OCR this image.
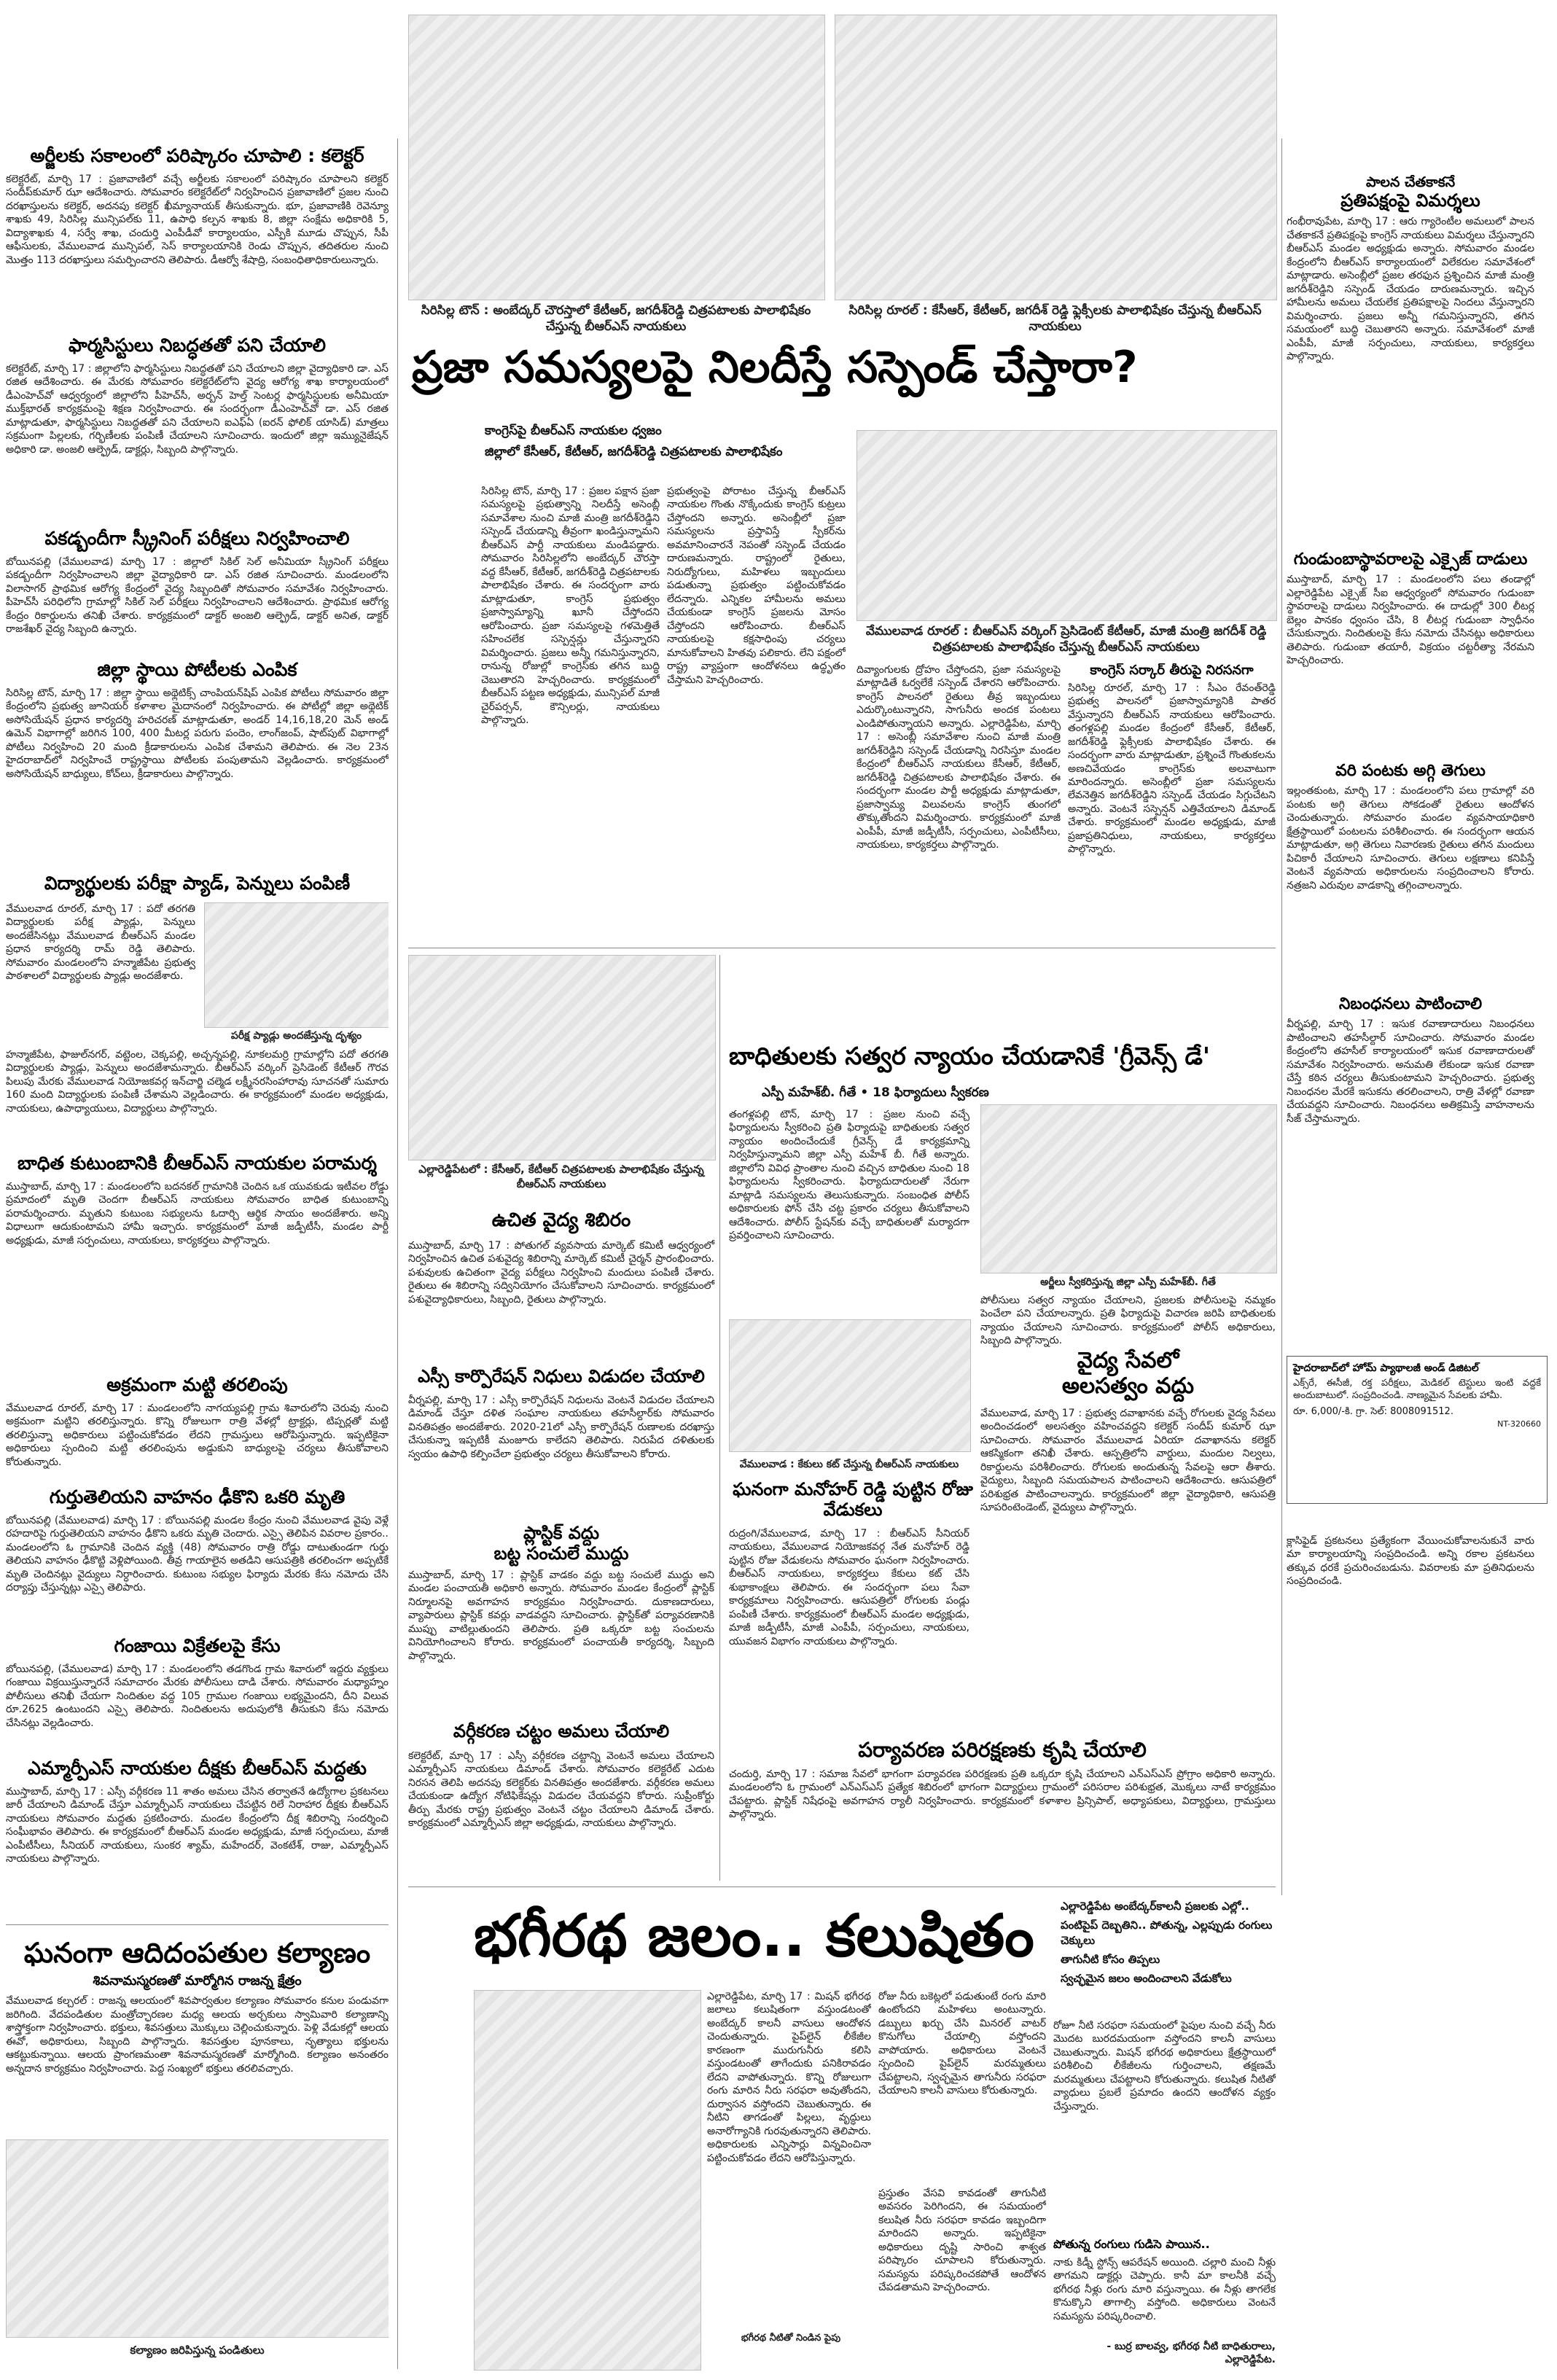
అర్జీలకు సకాలంలో పరిష్కారం చూపాలి : కలెక్టర్
కలెక్టరేట్‌, మార్చి 17 : ప్రజావాణిలో వచ్చే అర్జీలకు సకాలంలో పరిష్కారం చూపాలని కలెక్టర్‌ సందీప్‌కుమార్‌ ఝా ఆదేశించారు. సోమవారం కలెక్టరేట్‌లో నిర్వహించిన ప్రజావాణిలో ప్రజల నుంచి దరఖాస్తులను కలెక్టర్‌, అదనపు కలెక్టర్‌ ఖీమ్యానాయక్‌ తీసుకున్నారు. భూ, ప్రజావాణికి రెవెన్యూ శాఖకు 49, సిరిసిల్ల మున్సిపల్‌కు 11, ఉపాధి కల్పన శాఖకు 8, జిల్లా సంక్షేమ అధికారికి 5, విద్యాశాఖకు 4, సర్వే శాఖ, చందుర్తి ఎంపీడీవో కార్యాలయం, ఎస్పీకి మూడు చొప్పున, సీపీ ఆఫీసులకు, వేములవాడ మున్సిపల్‌, సెస్‌ కార్యాలయానికి రెండు చొప్పున, తదితరుల నుంచి మొత్తం 113 దరఖాస్తులు సమర్పించారని తెలిపారు. డీఆర్వో శేషాద్రి, సంబంధితాధికారులున్నారు.
ఫార్మసిస్టులు నిబద్ధతతో పని చేయాలి
కలెక్టరేట్‌, మార్చి 17 : జిల్లాలోని ఫార్మసిస్టులు నిబద్ధతతో పని చేయాలని జిల్లా వైద్యాధికారి డా. ఎస్‌ రజిత ఆదేశించారు. ఈ మేరకు సోమవారం కలెక్టరేట్‌లోని వైద్య ఆరోగ్య శాఖ కార్యాలయంలో డీఎంహెచ్‌వో ఆధ్వర్యంలో జిల్లాలోని పీహెచ్‌సీ, అర్బన్‌ హెల్త్‌ సెంటర్ల ఫార్మసిస్టులకు అనీమియా ముక్త్‌భారత్‌ కార్యక్రమంపై శిక్షణ నిర్వహించారు. ఈ సందర్భంగా డీఎంహెచ్‌వో డా. ఎస్‌ రజిత మాట్లాడుతూ, ఫార్మసిస్టులు నిబద్ధతతో పని చేయాలని ఐఎఫ్‌ఏ (ఐరన్‌ ఫోలిక్‌ యాసిడ్‌) మాత్రలు సక్రమంగా పిల్లలకు, గర్భిణీలకు పంపిణీ చేయాలని సూచించారు. ఇందులో జిల్లా ఇమ్యునైజేషన్‌ అధికారి డా. అంజలి ఆల్ఫ్రెడ్‌, డాక్టర్లు, సిబ్బంది పాల్గొన్నారు.
పకడ్బందీగా స్క్రీనింగ్‌ పరీక్షలు నిర్వహించాలి
బోయినపల్లి (వేములవాడ) మార్చి 17 : జిల్లాలో సికిల్‌ సెల్‌ అనీమియా స్క్రీనింగ్‌ పరీక్షలు పకడ్బందీగా నిర్వహించాలని జిల్లా వైద్యాధికారి డా. ఎస్‌ రజిత సూచించారు. మండలంలోని విలాసాగర్‌ ప్రాథమిక ఆరోగ్య కేంద్రంలో వైద్య సిబ్బందితో సోమవారం సమావేశం నిర్వహించారు. పీహెచ్‌సీ పరిధిలోని గ్రామాల్లో సికిల్‌ సెల్‌ పరీక్షలు నిర్వహించాలని ఆదేశించారు. ప్రాథమిక ఆరోగ్య కేంద్రం రికార్డులను తనిఖీ చేశారు. కార్యక్రమంలో డాక్టర్‌ అంజలి ఆల్ఫ్రెడ్‌, డాక్టర్‌ అనిత, డాక్టర్‌ రాజశేఖర్‌ వైద్య సిబ్బంది ఉన్నారు.
జిల్లా స్థాయి పోటీలకు ఎంపిక
సిరిసిల్ల టౌన్‌, మార్చి 17 : జిల్లా స్థాయి అథ్లెటిక్స్‌ చాంపియన్‌షిప్‌ ఎంపిక పోటీలు సోమవారం జిల్లా కేంద్రంలోని ప్రభుత్వ జూనియర్‌ కళాశాల మైదానంలో నిర్వహించారు. ఈ పోటీల్లో జిల్లా అథ్లెటిక్‌ అసోసియేషన్‌ ప్రధాన కార్యదర్శి హరిచరణ్‌ మాట్లాడుతూ, అండర్‌ 14,16,18,20 మెన్‌ అండ్‌ ఉమెన్‌ విభాగాల్లో జరిగిన 100, 400 మీటర్ల పరుగు పందెం, లాంగ్‌జంప్‌, షాట్‌పుట్‌ విభాగాల్లో పోటీలు నిర్వహించి 20 మంది క్రీడాకారులను ఎంపిక చేశామని తెలిపారు. ఈ నెల 23న హైదరాబాద్‌లో నిర్వహించే రాష్ట్రస్థాయి పోటీలకు పంపుతామని వెల్లడించారు. కార్యక్రమంలో అసోసియేషన్‌ బాధ్యులు, కోచ్‌లు, క్రీడాకారులు పాల్గొన్నారు.
విద్యార్థులకు పరీక్షా ప్యాడ్‌, పెన్నులు పంపిణీ
వేములవాడ రూరల్‌, మార్చి 17 : పదో తరగతి విద్యార్థులకు పరీక్ష ప్యాడ్లు, పెన్నులు అందజేసినట్లు వేములవాడ బీఆర్‌ఎస్‌ మండల ప్రధాన కార్యదర్శి రామ్‌ రెడ్డి తెలిపారు. సోమవారం మండలంలోని హన్మాజీపేట ప్రభుత్వ పాఠశాలలో విద్యార్థులకు ప్యాడ్లు అందజేశారు.
పరీక్ష ప్యాడ్లు అందజేస్తున్న దృశ్యం
హన్మాజీపేట, ఫాజుల్‌నగర్‌, వట్టెంల, చెక్కపల్లి, అచ్చన్నపల్లి, నూకలమర్రి గ్రామాల్లోని పదో తరగతి విద్యార్థులకు ప్యాడ్లు, పెన్నులు అందజేశామన్నారు. బీఆర్‌ఎస్‌ వర్కింగ్‌ ప్రెసిడెంట్‌ కేటీఆర్‌ గౌరవ పిలుపు మేరకు వేములవాడ నియోజకవర్గ ఇన్‌చార్జి చల్మెడ లక్ష్మీనరసింహారావు సూచనతో సుమారు 160 మంది విద్యార్థులకు పంపిణీ చేశామని వెల్లడించారు. ఈ కార్యక్రమంలో మండల అధ్యక్షుడు, నాయకులు, ఉపాధ్యాయులు, విద్యార్థులు పాల్గొన్నారు.
బాధిత కుటుంబానికి బీఆర్‌ఎస్‌ నాయకుల పరామర్శ
ముస్తాబాద్‌, మార్చి 17 : మండలంలోని బదనకల్‌ గ్రామానికి చెందిన ఒక యువకుడు ఇటీవల రోడ్డు ప్రమాదంలో మృతి చెందగా బీఆర్‌ఎస్‌ నాయకులు సోమవారం బాధిత కుటుంబాన్ని పరామర్శించారు. మృతుని కుటుంబ సభ్యులను ఓదార్చి ఆర్థిక సాయం అందజేశారు. అన్ని విధాలుగా ఆదుకుంటామని హామీ ఇచ్చారు. కార్యక్రమంలో మాజీ జడ్పీటీసీ, మండల పార్టీ అధ్యక్షుడు, మాజీ సర్పంచులు, నాయకులు, కార్యకర్తలు పాల్గొన్నారు.
అక్రమంగా మట్టి తరలింపు
వేములవాడ రూరల్‌, మార్చి 17 : మండలంలోని నాగయ్యపల్లి గ్రామ శివారులోని చెరువు నుంచి అక్రమంగా మట్టిని తరలిస్తున్నారు. కొన్ని రోజులుగా రాత్రి వేళల్లో ట్రాక్టర్లు, టిప్పర్లతో మట్టి తరలిస్తున్నా అధికారులు పట్టించుకోవడం లేదని గ్రామస్తులు ఆరోపిస్తున్నారు. ఇప్పటికైనా అధికారులు స్పందించి మట్టి తరలింపును అడ్డుకుని బాధ్యులపై చర్యలు తీసుకోవాలని కోరుతున్నారు.
గుర్తుతెలియని వాహనం ఢీకొని ఒకరి మృతి
బోయినపల్లి (వేములవాడ) మార్చి 17 : బోయినపల్లి మండల కేంద్రం నుంచి వేములవాడ వైపు వెళ్లే రహదారిపై గుర్తుతెలియని వాహనం ఢీకొని ఒకరు మృతి చెందారు. ఎస్సై తెలిపిన వివరాల ప్రకారం.. మండలంలోని ఓ గ్రామానికి చెందిన వ్యక్తి (48) సోమవారం రాత్రి రోడ్డు దాటుతుండగా గుర్తు తెలియని వాహనం ఢీకొట్టి వెళ్లిపోయింది. తీవ్ర గాయాలైన అతడిని ఆసుపత్రికి తరలించగా అప్పటికే మృతి చెందినట్లు వైద్యులు నిర్ధారించారు. కుటుంబ సభ్యుల ఫిర్యాదు మేరకు కేసు నమోదు చేసి దర్యాప్తు చేస్తున్నట్లు ఎస్సై తెలిపారు.
గంజాయి విక్రేతలపై కేసు
బోయినపల్లి, (వేములవాడ) మార్చి 17 : మండలంలోని తడగొండ గ్రామ శివారులో ఇద్దరు వ్యక్తులు గంజాయి విక్రయిస్తున్నారనే సమాచారం మేరకు పోలీసులు దాడి చేశారు. సోమవారం మధ్యాహ్నం పోలీసులు తనిఖీ చేయగా నిందితుల వద్ద 105 గ్రాముల గంజాయి లభ్యమైందని, దీని విలువ రూ.2625 ఉంటుందని ఎస్సై తెలిపారు. నిందితులను అదుపులోకి తీసుకుని కేసు నమోదు చేసినట్లు వెల్లడించారు.
ఎమ్మార్పీఎస్‌ నాయకుల దీక్షకు బీఆర్‌ఎస్‌ మద్దతు
ముస్తాబాద్‌, మార్చి 17 : ఎస్సీ వర్గీకరణ 11 శాతం అమలు చేసిన తర్వాతనే ఉద్యోగాల ప్రకటనలు జారీ చేయాలని డిమాండ్‌ చేస్తూ ఎమ్మార్పీఎస్‌ నాయకులు చేపట్టిన రిలే నిరాహార దీక్షకు బీఆర్‌ఎస్‌ నాయకులు సోమవారం మద్దతు ప్రకటించారు. మండల కేంద్రంలోని దీక్ష శిబిరాన్ని సందర్శించి సంఘీభావం తెలిపారు. ఈ కార్యక్రమంలో బీఆర్‌ఎస్‌ మండల అధ్యక్షుడు, మాజీ సర్పంచులు, మాజీ ఎంపీటీసీలు, సీనియర్‌ నాయకులు, సుంకర శ్యామ్‌, మహేందర్‌, వెంకటేశ్‌, రాజు, ఎమ్మార్పీఎస్‌ నాయకులు పాల్గొన్నారు.
ఘనంగా ఆదిదంపతుల కల్యాణం
శివనామస్మరణతో మార్మోగిన రాజన్న క్షేత్రం
వేములవాడ కల్చరల్‌ : రాజన్న ఆలయంలో శివపార్వతుల కల్యాణం సోమవారం కనుల పండువగా జరిగింది. వేదపండితుల మంత్రోచ్ఛారణల మధ్య ఆలయ అర్చకులు స్వామివారి కల్యాణాన్ని శాస్త్రోక్తంగా నిర్వహించారు. భక్తులు, శివసత్తులు మొక్కులు చెల్లించుకున్నారు. పెళ్లి వేడుకల్లో ఆలయ ఈవో, అధికారులు, సిబ్బంది పాల్గొన్నారు. శివసత్తుల పూనకాలు, నృత్యాలు భక్తులను ఆకట్టుకున్నాయి. ఆలయ ప్రాంగణమంతా శివనామస్మరణతో మార్మోగింది. కల్యాణం అనంతరం అన్నదాన కార్యక్రమం నిర్వహించారు. పెద్ద సంఖ్యలో భక్తులు తరలివచ్చారు.
కల్యాణం జరిపిస్తున్న పండితులు
సిరిసిల్ల టౌన్‌ : అంబేద్కర్‌ చౌరస్తాలో కేటీఆర్‌, జగదీశ్‌రెడ్డి చిత్రపటాలకు పాలాభిషేకం చేస్తున్న బీఆర్‌ఎస్‌ నాయకులు
సిరిసిల్ల రూరల్‌ : కేసీఆర్‌, కేటీఆర్‌, జగదీశ్‌ రెడ్డి ఫ్లెక్సీలకు పాలాభిషేకం చేస్తున్న బీఆర్‌ఎస్‌ నాయకులు
ప్రజా సమస్యలపై నిలదీస్తే సస్పెండ్‌ చేస్తారా?
కాంగ్రెస్‌పై బీఆర్‌ఎస్‌ నాయకుల ధ్వజం
జిల్లాలో కేసీఆర్‌, కేటీఆర్‌, జగదీశ్‌రెడ్డి చిత్రపటాలకు పాలాభిషేకం
సిరిసిల్ల టౌన్‌, మార్చి 17 : ప్రజల పక్షాన ప్రజా సమస్యలపై ప్రభుత్వాన్ని నిలదీస్తే అసెంబ్లీ సమావేశాల నుంచి మాజీ మంత్రి జగదీశ్‌రెడ్డిని సస్పెండ్‌ చేయడాన్ని తీవ్రంగా ఖండిస్తున్నామని బీఆర్‌ఎస్‌ పార్టీ నాయకులు మండిపడ్డారు. సోమవారం సిరిసిల్లలోని అంబేద్కర్‌ చౌరస్తా వద్ద కేసీఆర్‌, కేటీఆర్‌, జగదీశ్‌రెడ్డి చిత్రపటాలకు పాలాభిషేకం చేశారు. ఈ సందర్భంగా వారు మాట్లాడుతూ, కాంగ్రెస్‌ ప్రభుత్వం ప్రజాస్వామ్యాన్ని ఖూనీ చేస్తోందని ఆరోపించారు. ప్రజా సమస్యలపై గళమెత్తితే సహించలేక సస్పెన్షన్లు చేస్తున్నారని విమర్శించారు. ప్రజలు అన్నీ గమనిస్తున్నారని, రానున్న రోజుల్లో కాంగ్రెస్‌కు తగిన బుద్ధి చెబుతారని హెచ్చరించారు. కార్యక్రమంలో బీఆర్‌ఎస్‌ పట్టణ అధ్యక్షుడు, మున్సిపల్‌ మాజీ చైర్‌పర్సన్‌, కౌన్సిలర్లు, నాయకులు పాల్గొన్నారు.
ప్రభుత్వంపై పోరాటం చేస్తున్న బీఆర్‌ఎస్‌ నాయకుల గొంతు నొక్కేందుకు కాంగ్రెస్‌ కుట్రలు చేస్తోందని అన్నారు. అసెంబ్లీలో ప్రజా సమస్యలను ప్రస్తావిస్తే స్పీకర్‌ను అవమానించారనే నెపంతో సస్పెండ్‌ చేయడం దారుణమన్నారు. రాష్ట్రంలో రైతులు, నిరుద్యోగులు, మహిళలు ఇబ్బందులు పడుతున్నా ప్రభుత్వం పట్టించుకోవడం లేదన్నారు. ఎన్నికల హామీలను అమలు చేయకుండా కాంగ్రెస్‌ ప్రజలను మోసం చేస్తోందని ఆరోపించారు. బీఆర్‌ఎస్‌ నాయకులపై కక్షసాధింపు చర్యలు మానుకోవాలని హితవు పలికారు. లేని పక్షంలో రాష్ట్ర వ్యాప్తంగా ఆందోళనలు ఉద్ధృతం చేస్తామని హెచ్చరించారు.
వేములవాడ రూరల్‌ : బీఆర్‌ఎస్‌ వర్కింగ్‌ ప్రెసిడెంట్‌ కేటీఆర్‌, మాజీ మంత్రి జగదీశ్‌ రెడ్డి చిత్రపటాలకు పాలాభిషేకం చేస్తున్న బీఆర్‌ఎస్‌ నాయకులు
దివ్యాంగులకు ద్రోహం చేస్తోందని, ప్రజా సమస్యలపై మాట్లాడితే ఓర్వలేకే సస్పెండ్‌ చేశారని ఆరోపించారు. కాంగ్రెస్‌ పాలనలో రైతులు తీవ్ర ఇబ్బందులు ఎదుర్కొంటున్నారని, సాగునీరు అందక పంటలు ఎండిపోతున్నాయని అన్నారు. ఎల్లారెడ్డిపేట, మార్చి 17 : అసెంబ్లీ సమావేశాల నుంచి మాజీ మంత్రి జగదీశ్‌రెడ్డిని సస్పెండ్‌ చేయడాన్ని నిరసిస్తూ మండల కేంద్రంలో బీఆర్‌ఎస్‌ నాయకులు కేసీఆర్‌, కేటీఆర్‌, జగదీశ్‌రెడ్డి చిత్రపటాలకు పాలాభిషేకం చేశారు. ఈ సందర్భంగా మండల పార్టీ అధ్యక్షుడు మాట్లాడుతూ, ప్రజాస్వామ్య విలువలను కాంగ్రెస్‌ తుంగలో తొక్కుతోందని విమర్శించారు. కార్యక్రమంలో మాజీ ఎంపీపీ, మాజీ జడ్పీటీసీ, సర్పంచులు, ఎంపీటీసీలు, నాయకులు, కార్యకర్తలు పాల్గొన్నారు.
కాంగ్రెస్‌ సర్కార్‌ తీరుపై నిరసనగా
సిరిసిల్ల రూరల్‌, మార్చి 17 : సీఎం రేవంత్‌రెడ్డి ప్రభుత్వ పాలనలో ప్రజాస్వామ్యానికి పాతర వేస్తున్నారని బీఆర్‌ఎస్‌ నాయకులు ఆరోపించారు. తంగళ్లపల్లి మండల కేంద్రంలో కేసీఆర్‌, కేటీఆర్‌, జగదీశ్‌రెడ్డి ఫ్లెక్సీలకు పాలాభిషేకం చేశారు. ఈ సందర్భంగా వారు మాట్లాడుతూ, ప్రశ్నించే గొంతుకలను అణచివేయడం కాంగ్రెస్‌కు అలవాటుగా మారిందన్నారు. అసెంబ్లీలో ప్రజా సమస్యలను లేవనెత్తిన జగదీశ్‌రెడ్డిని సస్పెండ్‌ చేయడం సిగ్గుచేటని అన్నారు. వెంటనే సస్పెన్షన్‌ ఎత్తివేయాలని డిమాండ్‌ చేశారు. కార్యక్రమంలో మండల అధ్యక్షుడు, మాజీ ప్రజాప్రతినిధులు, నాయకులు, కార్యకర్తలు పాల్గొన్నారు.
ఎల్లారెడ్డిపేటలో : కేసీఆర్‌, కేటీఆర్‌ చిత్రపటాలకు పాలాభిషేకం చేస్తున్న బీఆర్‌ఎస్‌ నాయకులు
ఉచిత వైద్య శిబిరం
ముస్తాబాద్‌, మార్చి 17 : పోతుగల్‌ వ్యవసాయ మార్కెట్‌ కమిటీ ఆధ్వర్యంలో నిర్వహించిన ఉచిత పశువైద్య శిబిరాన్ని మార్కెట్‌ కమిటీ చైర్మన్‌ ప్రారంభించారు. పశువులకు ఉచితంగా వైద్య పరీక్షలు నిర్వహించి మందులు పంపిణీ చేశారు. రైతులు ఈ శిబిరాన్ని సద్వినియోగం చేసుకోవాలని సూచించారు. కార్యక్రమంలో పశువైద్యాధికారులు, సిబ్బంది, రైతులు పాల్గొన్నారు.
ఎస్సీ కార్పొరేషన్‌ నిధులు విడుదల చేయాలి
వీర్నపల్లి, మార్చి 17 : ఎస్సీ కార్పొరేషన్‌ నిధులను వెంటనే విడుదల చేయాలని డిమాండ్‌ చేస్తూ దళిత సంఘాల నాయకులు తహసీల్దార్‌కు సోమవారం వినతిపత్రం అందజేశారు. 2020-21లో ఎస్సీ కార్పొరేషన్‌ రుణాలకు దరఖాస్తు చేసుకున్నా ఇప్పటికీ మంజూరు కాలేదని తెలిపారు. నిరుపేద దళితులకు స్వయం ఉపాధి కల్పించేలా ప్రభుత్వం చర్యలు తీసుకోవాలని కోరారు.
ప్లాస్టిక్‌ వద్దు
బట్ట సంచులే ముద్దు
ముస్తాబాద్‌, మార్చి 17 : ప్లాస్టిక్‌ వాడకం వద్దు బట్ట సంచులే ముద్దు అని మండల పంచాయతీ అధికారి అన్నారు. సోమవారం మండల కేంద్రంలో ప్లాస్టిక్‌ నిర్మూలనపై అవగాహన కార్యక్రమం నిర్వహించారు. దుకాణదారులు, వ్యాపారులు ప్లాస్టిక్‌ కవర్లు వాడవద్దని సూచించారు. ప్లాస్టిక్‌తో పర్యావరణానికి ముప్పు వాటిల్లుతుందని తెలిపారు. ప్రతి ఒక్కరూ బట్ట సంచులను వినియోగించాలని కోరారు. కార్యక్రమంలో పంచాయతీ కార్యదర్శి, సిబ్బంది పాల్గొన్నారు.
వర్గీకరణ చట్టం అమలు చేయాలి
కలెక్టరేట్‌, మార్చి 17 : ఎస్సీ వర్గీకరణ చట్టాన్ని వెంటనే అమలు చేయాలని ఎమ్మార్పీఎస్‌ నాయకులు డిమాండ్‌ చేశారు. సోమవారం కలెక్టరేట్‌ ఎదుట నిరసన తెలిపి అదనపు కలెక్టర్‌కు వినతిపత్రం అందజేశారు. వర్గీకరణ అమలు చేయకుండా ఉద్యోగ నోటిఫికేషన్లు విడుదల చేయవద్దని కోరారు. సుప్రీంకోర్టు తీర్పు మేరకు రాష్ట్ర ప్రభుత్వం వెంటనే చట్టం చేయాలని డిమాండ్‌ చేశారు. కార్యక్రమంలో ఎమ్మార్పీఎస్‌ జిల్లా అధ్యక్షుడు, నాయకులు పాల్గొన్నారు.
బాధితులకు సత్వర న్యాయం చేయడానికే 'గ్రీవెన్స్‌ డే'
ఎస్పీ మహేశ్‌బీ. గీతే • 18 ఫిర్యాదులు స్వీకరణ
తంగళ్లపల్లి టౌన్‌, మార్చి 17 : ప్రజల నుంచి వచ్చే ఫిర్యాదులను స్వీకరించి ప్రతి ఫిర్యాదుపై బాధితులకు సత్వర న్యాయం అందించేందుకే గ్రీవెన్స్‌ డే కార్యక్రమాన్ని నిర్వహిస్తున్నామని జిల్లా ఎస్పీ మహేశ్‌ బీ. గీతే అన్నారు. జిల్లాలోని వివిధ ప్రాంతాల నుంచి వచ్చిన బాధితుల నుంచి 18 ఫిర్యాదులను స్వీకరించారు. ఫిర్యాదుదారులతో నేరుగా మాట్లాడి సమస్యలను తెలుసుకున్నారు. సంబంధిత పోలీస్‌ అధికారులకు ఫోన్‌ చేసి చట్ట ప్రకారం చర్యలు తీసుకోవాలని ఆదేశించారు. పోలీస్‌ స్టేషన్‌కు వచ్చే బాధితులతో మర్యాదగా ప్రవర్తించాలని సూచించారు.
అర్జీలు స్వీకరిస్తున్న జిల్లా ఎస్పీ మహేశ్‌బీ. గీతే
పోలీసులు సత్వర న్యాయం చేయాలని, ప్రజలకు పోలీసులపై నమ్మకం పెంచేలా పని చేయాలన్నారు. ప్రతి ఫిర్యాదుపై విచారణ జరిపి బాధితులకు న్యాయం చేయాలని సూచించారు. కార్యక్రమంలో పోలీస్‌ అధికారులు, సిబ్బంది పాల్గొన్నారు.
వైద్య సేవలో
అలసత్వం వద్దు
వేములవాడ, మార్చి 17 : ప్రభుత్వ దవాఖానకు వచ్చే రోగులకు వైద్య సేవలు అందించడంలో అలసత్వం వహించవద్దని కలెక్టర్‌ సందీప్‌ కుమార్‌ ఝా సూచించారు. సోమవారం వేములవాడ ఏరియా దవాఖానను కలెక్టర్‌ ఆకస్మికంగా తనిఖీ చేశారు. ఆస్పత్రిలోని వార్డులు, మందుల నిల్వలు, రికార్డులను పరిశీలించారు. రోగులకు అందుతున్న సేవలపై ఆరా తీశారు. వైద్యులు, సిబ్బంది సమయపాలన పాటించాలని ఆదేశించారు. ఆసుపత్రిలో పరిశుభ్రత పాటించాలన్నారు. కార్యక్రమంలో జిల్లా వైద్యాధికారి, ఆసుపత్రి సూపరింటెండెంట్‌, వైద్యులు పాల్గొన్నారు.
వేములవాడ : కేకులు కట్‌ చేస్తున్న బీఆర్‌ఎస్‌ నాయకులు
ఘనంగా మనోహర్‌ రెడ్డి పుట్టిన రోజు వేడుకలు
రుద్రంగి/వేములవాడ, మార్చి 17 : బీఆర్‌ఎస్‌ సీనియర్‌ నాయకులు, వేములవాడ నియోజకవర్గ నేత మనోహర్‌ రెడ్డి పుట్టిన రోజు వేడుకలను సోమవారం ఘనంగా నిర్వహించారు. బీఆర్‌ఎస్‌ నాయకులు, కార్యకర్తలు కేకులు కట్‌ చేసి శుభాకాంక్షలు తెలిపారు. ఈ సందర్భంగా పలు సేవా కార్యక్రమాలు నిర్వహించారు. ఆసుపత్రిలో రోగులకు పండ్లు పంపిణీ చేశారు. కార్యక్రమంలో బీఆర్‌ఎస్‌ మండల అధ్యక్షుడు, మాజీ జడ్పీటీసీ, మాజీ ఎంపీపీ, సర్పంచులు, నాయకులు, యువజన విభాగం నాయకులు పాల్గొన్నారు.
పర్యావరణ పరిరక్షణకు కృషి చేయాలి
చందుర్తి, మార్చి 17 : సమాజ సేవలో భాగంగా పర్యావరణ పరిరక్షణకు ప్రతి ఒక్కరూ కృషి చేయాలని ఎన్‌ఎస్‌ఎస్‌ ప్రోగ్రాం అధికారి అన్నారు. మండలంలోని ఓ గ్రామంలో ఎన్‌ఎస్‌ఎస్‌ ప్రత్యేక శిబిరంలో భాగంగా విద్యార్థులు గ్రామంలో పరిసరాల పరిశుభ్రత, మొక్కలు నాటే కార్యక్రమం చేపట్టారు. ప్లాస్టిక్‌ నిషేధంపై అవగాహన ర్యాలీ నిర్వహించారు. కార్యక్రమంలో కళాశాల ప్రిన్సిపాల్‌, అధ్యాపకులు, విద్యార్థులు, గ్రామస్తులు పాల్గొన్నారు.
భగీరథ జలం.. కలుషితం ఎల్లారెడ్డిపేట అంబేద్కర్‌కాలనీ ప్రజలకు ఎల్లో..
పంటిపైప్‌ దెబ్బతిని.. పోతున్న, ఎల్లప్పుడు రంగులు చెక్కులు
తాగునీటి కోసం తిప్పలు
స్వచ్ఛమైన జలం అందించాలని వేడుకోలు
భగీరథ నీటితో నిండిన పైపు
ఎల్లారెడ్డిపేట, మార్చి 17 : మిషన్‌ భగీరథ జలాలు కలుషితంగా వస్తుండటంతో అంబేద్కర్‌ కాలనీ వాసులు ఆందోళన చెందుతున్నారు. పైప్‌లైన్‌ లీకేజీల కారణంగా మురుగునీరు కలిసి వస్తుండటంతో తాగేందుకు పనికిరావడం లేదని వాపోతున్నారు. కొన్ని రోజులుగా రంగు మారిన నీరు సరఫరా అవుతోందని, దుర్వాసన వస్తోందని చెబుతున్నారు. ఈ నీటిని తాగడంతో పిల్లలు, వృద్ధులు అనారోగ్యానికి గురవుతున్నారని తెలిపారు. అధికారులకు ఎన్నిసార్లు విన్నవించినా పట్టించుకోవడం లేదని ఆరోపిస్తున్నారు.
రోజు నీరు బకెట్లలో పడుతుంటే రంగు మారి ఉంటోందని మహిళలు అంటున్నారు. డబ్బులు ఖర్చు చేసి మినరల్‌ వాటర్‌ కొనుగోలు చేయాల్సి వస్తోందని వాపోయారు. అధికారులు వెంటనే స్పందించి పైప్‌లైన్‌ మరమ్మతులు చేపట్టాలని, స్వచ్ఛమైన తాగునీరు సరఫరా చేయాలని కాలనీ వాసులు కోరుతున్నారు.
ప్రస్తుతం వేసవి కావడంతో తాగునీటి అవసరం పెరిగిందని, ఈ సమయంలో కలుషిత నీరు సరఫరా కావడం ఇబ్బందిగా మారిందని అన్నారు. ఇప్పటికైనా అధికారులు దృష్టి సారించి శాశ్వత పరిష్కారం చూపాలని కోరుతున్నారు. సమస్యను పరిష్కరించకపోతే ఆందోళన చేపడతామని హెచ్చరించారు.
రోజూ నీటి సరఫరా సమయంలో పైపుల నుంచి వచ్చే నీరు మొదట బురదమయంగా వస్తోందని కాలనీ వాసులు చెబుతున్నారు. మిషన్‌ భగీరథ అధికారులు క్షేత్రస్థాయిలో పరిశీలించి లీకేజీలను గుర్తించాలని, తక్షణమే మరమ్మతులు చేపట్టాలని కోరుతున్నారు. కలుషిత నీటితో వ్యాధులు ప్రబలే ప్రమాదం ఉందని ఆందోళన వ్యక్తం చేస్తున్నారు.
పోతున్న రంగులు గుడిసె పాయిన..
నాకు కిడ్నీ స్టోన్స్‌ ఆపరేషన్‌ అయింది. చల్లారి మంచి నీళ్లు తాగమని డాక్టర్లు చెప్పారు. కానీ మా కాలనీకి వచ్చే భగీరథ నీళ్లు రంగు మారి వస్తున్నాయి. ఈ నీళ్లు తాగలేక కొనుక్కొని తాగాల్సి వస్తోంది. అధికారులు వెంటనే సమస్యను పరిష్కరించాలి.
- బుర్ర బాలవ్వ, భగీరథ నీటి బాధితురాలు, ఎల్లారెడ్డిపేట.
పాలన చేతకాకనే
ప్రతిపక్షంపై విమర్శలు
గంభీరావుపేట, మార్చి 17 : ఆరు గ్యారెంటీల అమలులో పాలన చేతకాకనే ప్రతిపక్షంపై కాంగ్రెస్‌ నాయకులు విమర్శలు చేస్తున్నారని బీఆర్‌ఎస్‌ మండల అధ్యక్షుడు అన్నారు. సోమవారం మండల కేంద్రంలోని బీఆర్‌ఎస్‌ కార్యాలయంలో విలేకరుల సమావేశంలో మాట్లాడారు. అసెంబ్లీలో ప్రజల తరఫున ప్రశ్నించిన మాజీ మంత్రి జగదీశ్‌రెడ్డిని సస్పెండ్‌ చేయడం దారుణమన్నారు. ఇచ్చిన హామీలను అమలు చేయలేక ప్రతిపక్షాలపై నిందలు వేస్తున్నారని విమర్శించారు. ప్రజలు అన్నీ గమనిస్తున్నారని, తగిన సమయంలో బుద్ధి చెబుతారని అన్నారు. సమావేశంలో మాజీ ఎంపీపీ, మాజీ సర్పంచులు, నాయకులు, కార్యకర్తలు పాల్గొన్నారు.
గుండుంబాస్థావరాలపై ఎక్సైజ్‌ దాడులు
ముస్తాబాద్‌, మార్చి 17 : మండలంలోని పలు తండాల్లో ఎల్లారెడ్డిపేట ఎక్సైజ్‌ సీఐ ఆధ్వర్యంలో సోమవారం గుడుంబా స్థావరాలపై దాడులు నిర్వహించారు. ఈ దాడుల్లో 300 లీటర్ల బెల్లం పానకం ధ్వంసం చేసి, 8 లీటర్ల గుడుంబా స్వాధీనం చేసుకున్నారు. నిందితులపై కేసు నమోదు చేసినట్లు అధికారులు తెలిపారు. గుడుంబా తయారీ, విక్రయం చట్టరీత్యా నేరమని హెచ్చరించారు.
వరి పంటకు అగ్గి తెగులు
ఇల్లంతకుంట, మార్చి 17 : మండలంలోని పలు గ్రామాల్లో వరి పంటకు అగ్గి తెగులు సోకడంతో రైతులు ఆందోళన చెందుతున్నారు. సోమవారం మండల వ్యవసాయాధికారి క్షేత్రస్థాయిలో పంటలను పరిశీలించారు. ఈ సందర్భంగా ఆయన మాట్లాడుతూ, అగ్గి తెగులు నివారణకు రైతులు తగిన మందులు పిచికారీ చేయాలని సూచించారు. తెగులు లక్షణాలు కనిపిస్తే వెంటనే వ్యవసాయ అధికారులను సంప్రదించాలని కోరారు. నత్రజని ఎరువుల వాడకాన్ని తగ్గించాలన్నారు.
నిబంధనలు పాటించాలి
వీర్నపల్లి, మార్చి 17 : ఇసుక రవాణాదారులు నిబంధనలు పాటించాలని తహసీల్దార్‌ సూచించారు. సోమవారం మండల కేంద్రంలోని తహసీల్‌ కార్యాలయంలో ఇసుక రవాణాదారులతో సమావేశం నిర్వహించారు. అనుమతి లేకుండా ఇసుక రవాణా చేస్తే కఠిన చర్యలు తీసుకుంటామని హెచ్చరించారు. ప్రభుత్వ నిబంధనల మేరకే ఇసుకను తరలించాలని, రాత్రి వేళల్లో రవాణా చేయవద్దని సూచించారు. నిబంధనలు అతిక్రమిస్తే వాహనాలను సీజ్‌ చేస్తామన్నారు.
హైదరాబాద్‌లో హోమ్‌ ప్యాథాలజీ అండ్‌ డిజిటల్‌
ఎక్స్‌రే, ఈసీజీ, రక్త పరీక్షలు, మెడికల్‌ టెస్టులు ఇంటి వద్దకే అందుబాటులో. సంప్రదించండి. నాణ్యమైన సేవలకు హామీ.
రూ. 6,000/-కి. గ్రా. సెల్‌: 8008091512.
NT-320660
క్లాసిఫైడ్‌ ప్రకటనలు ప్రత్యేకంగా వేయించుకోవాలనుకునే వారు మా కార్యాలయాన్ని సంప్రదించండి. అన్ని రకాల ప్రకటనలు తక్కువ ధరకే ప్రచురించబడును. వివరాలకు మా ప్రతినిధులను సంప్రదించండి.
